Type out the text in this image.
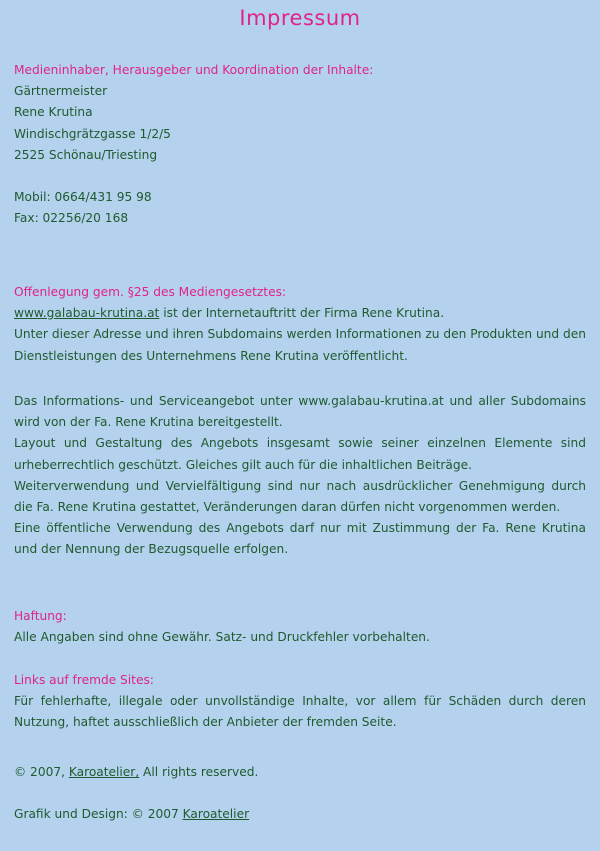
Impressum
Medieninhaber, Herausgeber und Koordination der Inhalte:
Gärtnermeister
Rene Krutina
Windischgrätzgasse 1/2/5
2525 Schönau/Triesting
Mobil: 0664/431 95 98
Fax: 02256/20 168
Offenlegung gem. §25 des Mediengesetztes:
www.galabau-krutina.at ist der Internetauftritt der Firma Rene Krutina.
Unter dieser Adresse und ihren Subdomains werden Informationen zu den Produkten und den Dienstleistungen des Unternehmens Rene Krutina veröffentlicht.
Das Informations- und Serviceangebot unter www.galabau-krutina.at und aller Subdomains wird von der Fa. Rene Krutina bereitgestellt.
Layout und Gestaltung des Angebots insgesamt sowie seiner einzelnen Elemente sind urheberrechtlich geschützt. Gleiches gilt auch für die inhaltlichen Beiträge.
Weiterverwendung und Vervielfältigung sind nur nach ausdrücklicher Genehmigung durch die Fa. Rene Krutina gestattet, Veränderungen daran dürfen nicht vorgenommen werden.
Eine öffentliche Verwendung des Angebots darf nur mit Zustimmung der Fa. Rene Krutina und der Nennung der Bezugsquelle erfolgen.
Haftung:
Alle Angaben sind ohne Gewähr. Satz- und Druckfehler vorbehalten.
Links auf fremde Sites:
Für fehlerhafte, illegale oder unvollständige Inhalte, vor allem für Schäden durch deren Nutzung, haftet ausschließlich der Anbieter der fremden Seite.
© 2007, Karoatelier, All rights reserved.
Grafik und Design: © 2007 Karoatelier
